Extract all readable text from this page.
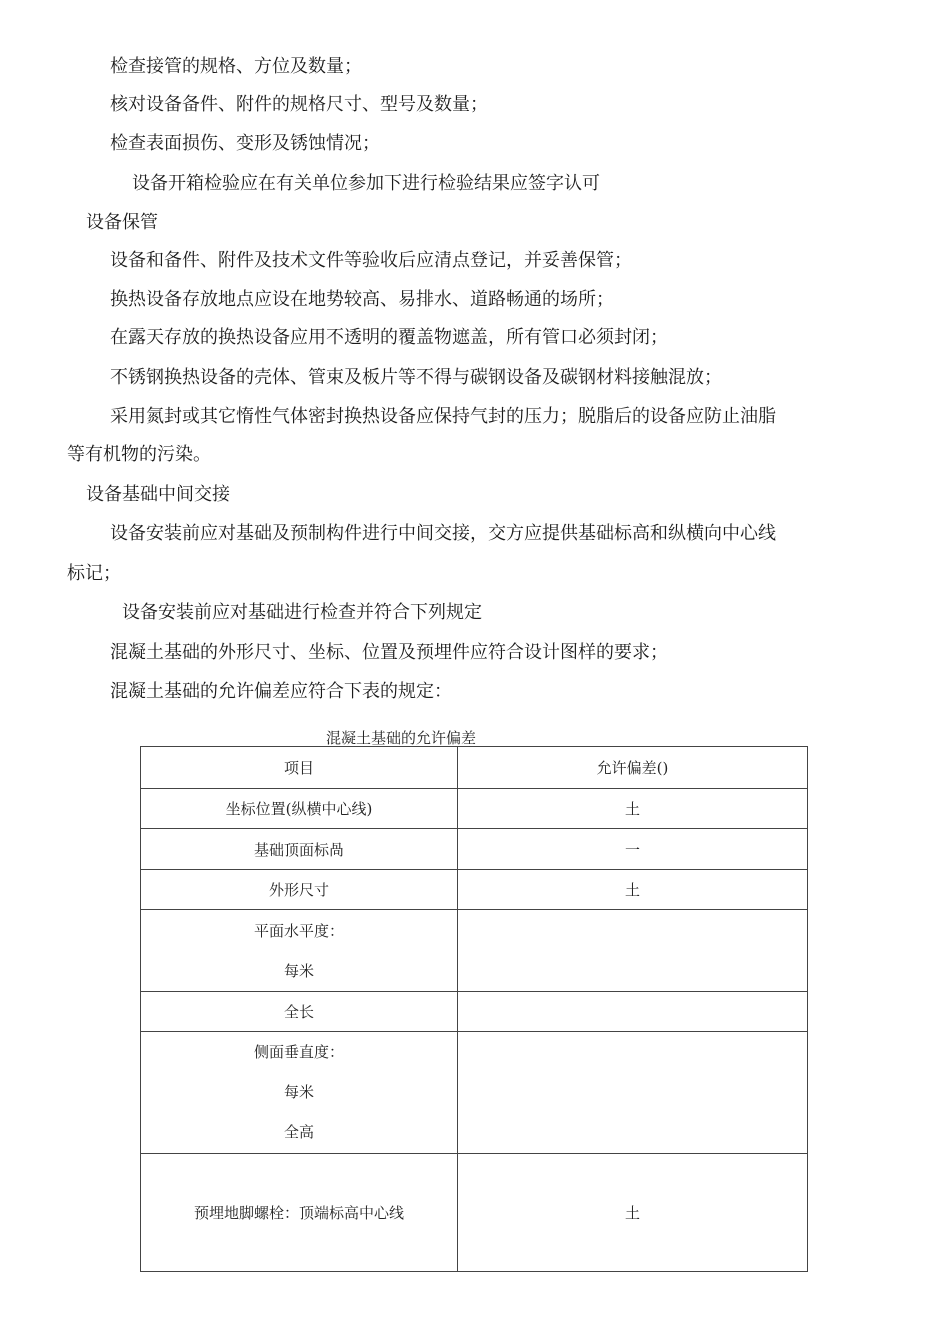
检查接管的规格、方位及数量；

核对设备备件、附件的规格尺寸、型号及数量；

检查表面损伤、变形及锈蚀情况；

设备开箱检验应在有关单位参加下进行检验结果应签字认可

设备保管

设备和备件、附件及技术文件等验收后应清点登记，并妥善保管；

换热设备存放地点应设在地势较高、易排水、道路畅通的场所；

在露天存放的换热设备应用不透明的覆盖物遮盖，所有管口必须封闭；

不锈钢换热设备的壳体、管束及板片等不得与碳钢设备及碳钢材料接触混放；

采用氮封或其它惰性气体密封换热设备应保持气封的压力；脱脂后的设备应防止油脂

等有机物的污染。

设备基础中间交接

设备安装前应对基础及预制构件进行中间交接，交方应提供基础标高和纵横向中心线

标记；

设备安装前应对基础进行检查并符合下列规定

混凝土基础的外形尺寸、坐标、位置及预埋件应符合设计图样的要求；

混凝土基础的允许偏差应符合下表的规定：

混凝土基础的允许偏差
项目	允许偏差()
坐标位置(纵横中心线)	土
基础顶面标咼	一
外形尺寸	土

平面水平度：
每米	

全长	

侧面垂直度：
每米
全高	

预埋地脚螺栓：顶端标高中心线	土
